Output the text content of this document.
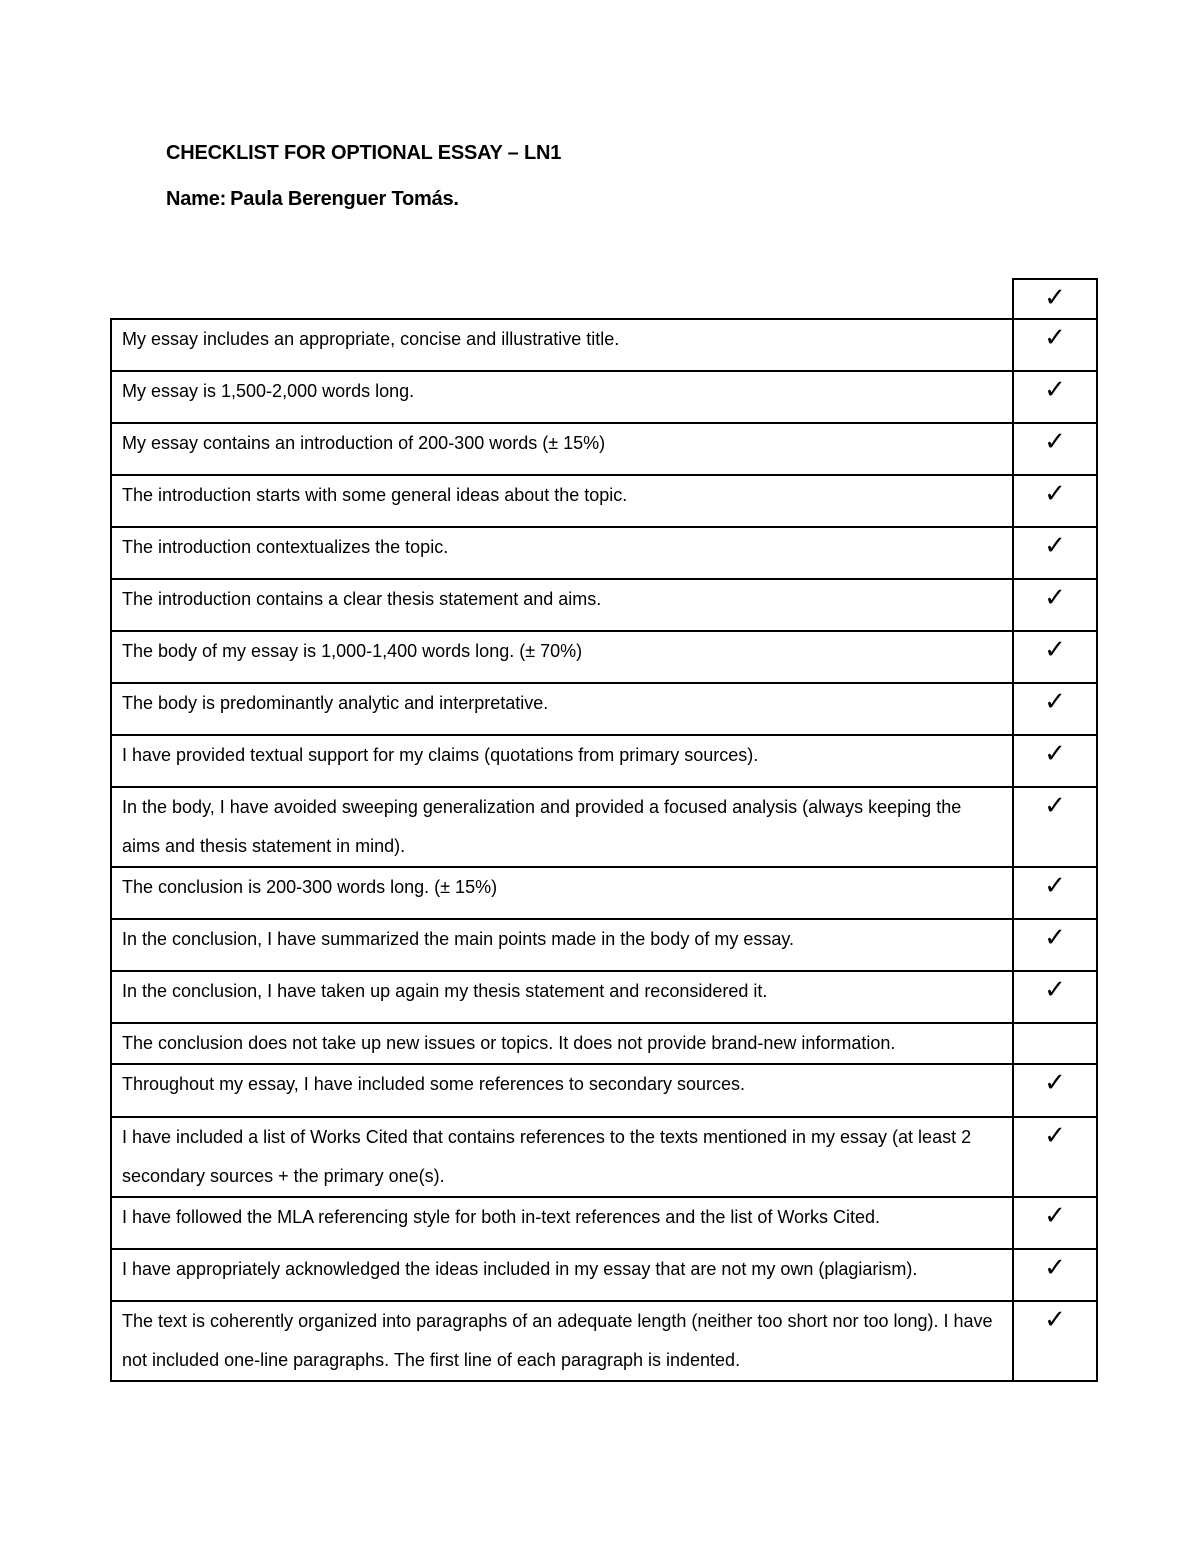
CHECKLIST FOR OPTIONAL ESSAY – LN1
Name: Paula Berenguer Tomás.
	✓
My essay includes an appropriate, concise and illustrative title.	✓
My essay is 1,500-2,000 words long.	✓
My essay contains an introduction of 200-300 words (± 15%)	✓
The introduction starts with some general ideas about the topic.	✓
The introduction contextualizes the topic.	✓
The introduction contains a clear thesis statement and aims.	✓
The body of my essay is 1,000-1,400 words long. (± 70%)	✓
The body is predominantly analytic and interpretative.	✓
I have provided textual support for my claims (quotations from primary sources).	✓
In the body, I have avoided sweeping generalization and provided a focused analysis (always keeping the aims and thesis statement in mind).	✓
The conclusion is 200-300 words long. (± 15%)	✓
In the conclusion, I have summarized the main points made in the body of my essay.	✓
In the conclusion, I have taken up again my thesis statement and reconsidered it.	✓
The conclusion does not take up new issues or topics. It does not provide brand-new information.	
Throughout my essay, I have included some references to secondary sources.	✓
I have included a list of Works Cited that contains references to the texts mentioned in my essay (at least 2 secondary sources + the primary one(s).	✓
I have followed the MLA referencing style for both in-text references and the list of Works Cited.	✓
I have appropriately acknowledged the ideas included in my essay that are not my own (plagiarism).	✓
The text is coherently organized into paragraphs of an adequate length (neither too short nor too long). I have not included one-line paragraphs. The first line of each paragraph is indented.	✓
